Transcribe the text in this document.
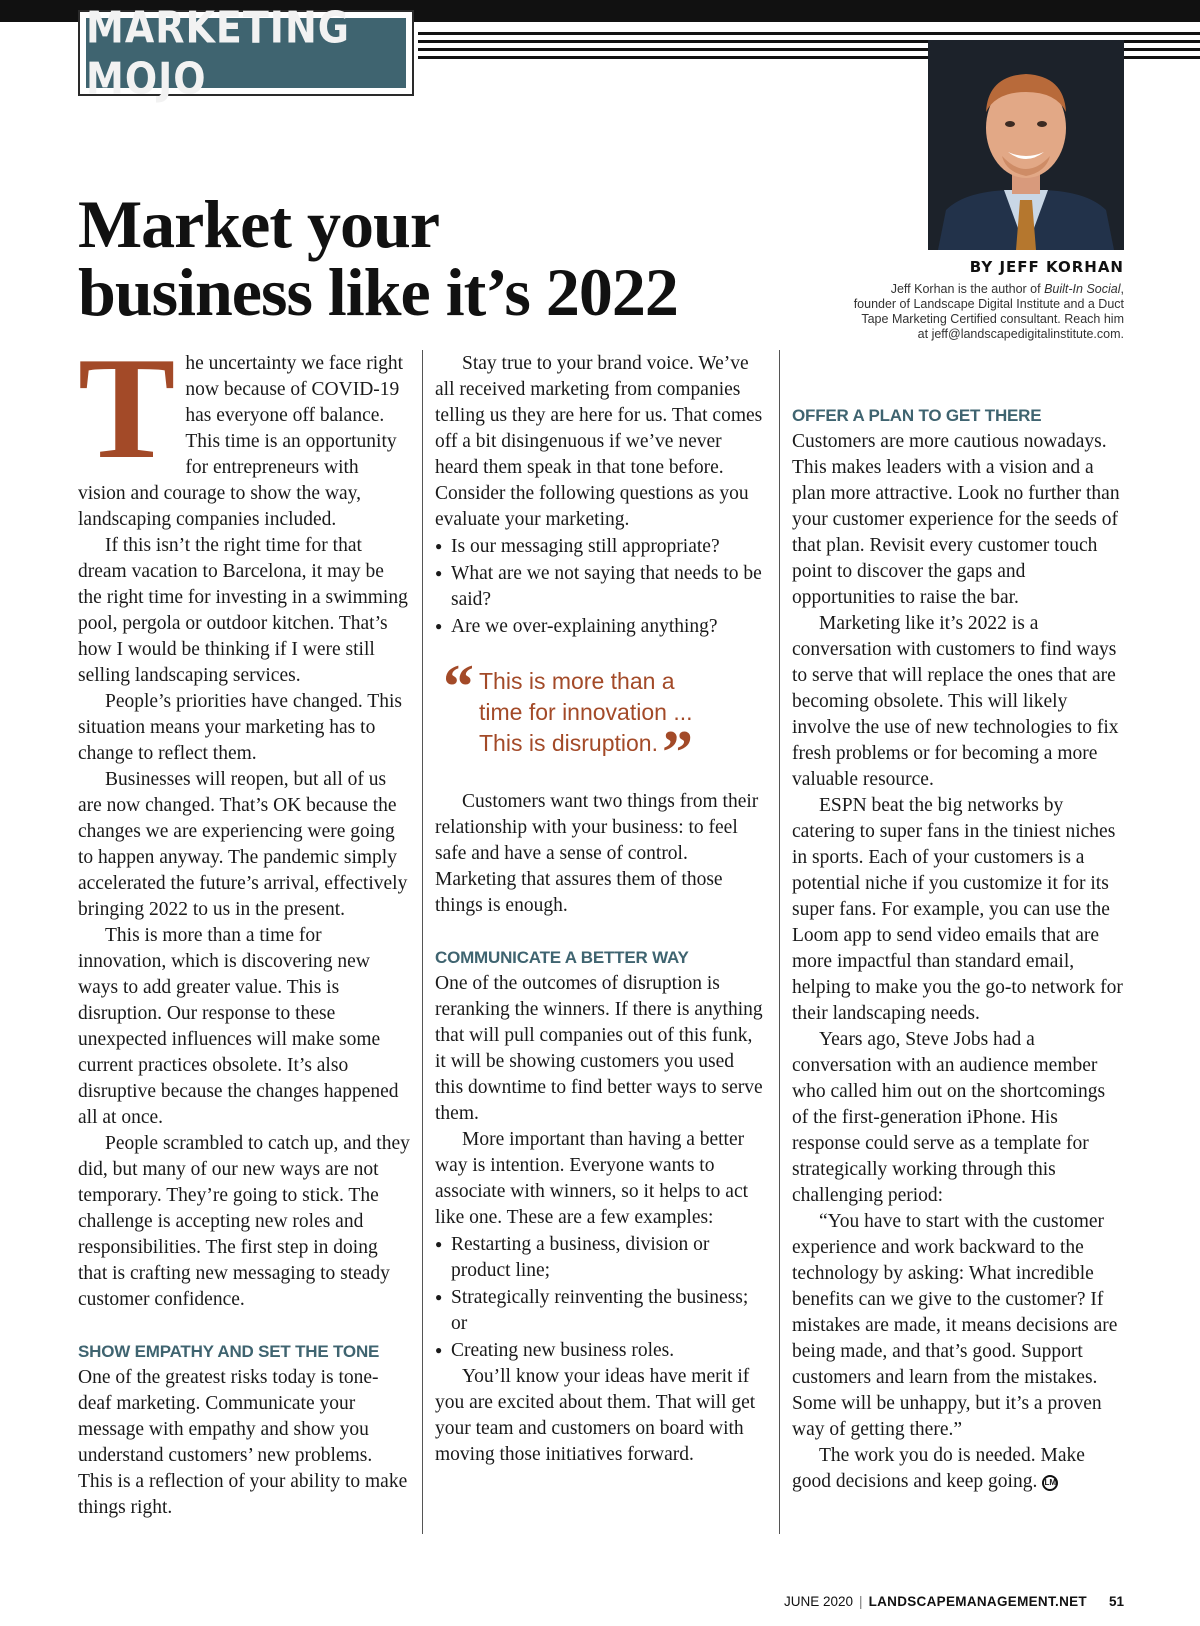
MARKETING MOJO
Market your
business like it’s 2022	BY JEFF KORHAN
Jeff Korhan is the author of Built-In Social, founder of Landscape Digital Institute and a Duct Tape Marketing Certified consultant. Reach him at jeff@landscapedigitalinstitute.com.

The uncertainty we face right now because of COVID-19 has everyone off balance. This time is an opportunity for entrepreneurs with vision and courage to show the way, landscaping companies included.

If this isn’t the right time for that dream vacation to Barcelona, it may be the right time for investing in a swimming pool, pergola or outdoor kitchen. That’s how I would be thinking if I were still selling landscaping services.

People’s priorities have changed. This situation means your marketing has to change to reflect them.

Businesses will reopen, but all of us are now changed. That’s OK because the changes we are experiencing were going to happen anyway. The pandemic simply accelerated the future’s arrival, effectively bringing 2022 to us in the present.

This is more than a time for innovation, which is discovering new ways to add greater value. This is disruption. Our response to these unexpected influences will make some current practices obsolete. It’s also disruptive because the changes happened all at once.

People scrambled to catch up, and they did, but many of our new ways are not temporary. They’re going to stick. The challenge is accepting new roles and responsibilities. The first step in doing that is crafting new messaging to steady customer confidence.

SHOW EMPATHY AND SET THE TONE

One of the greatest risks today is tone-deaf marketing. Communicate your message with empathy and show you understand customers’ new problems. This is a reflection of your ability to make things right.

Stay true to your brand voice. We’ve all received marketing from companies telling us they are here for us. That comes off a bit disingenuous if we’ve never heard them speak in that tone before. Consider the following questions as you evaluate your marketing.

● Is our messaging still appropriate?
● What are we not saying that needs to be said?
● Are we over-explaining anything?
“ This is more than a
time for innovation ...
This is disruption.”

Customers want two things from their relationship with your business: to feel safe and have a sense of control. Marketing that assures them of those things is enough.

COMMUNICATE A BETTER WAY

One of the outcomes of disruption is reranking the winners. If there is anything that will pull companies out of this funk, it will be showing customers you used this downtime to find better ways to serve them.

More important than having a better way is intention. Everyone wants to associate with winners, so it helps to act like one. These are a few examples:

● Restarting a business, division or product line;
● Strategically reinventing the business; or
● Creating new business roles.

You’ll know your ideas have merit if you are excited about them. That will get your team and customers on board with moving those initiatives forward.

OFFER A PLAN TO GET THERE

Customers are more cautious nowadays. This makes leaders with a vision and a plan more attractive. Look no further than your customer experience for the seeds of that plan. Revisit every customer touch point to discover the gaps and opportunities to raise the bar.

Marketing like it’s 2022 is a conversation with customers to find ways to serve that will replace the ones that are becoming obsolete. This will likely involve the use of new technologies to fix fresh problems or for becoming a more valuable resource.

ESPN beat the big networks by catering to super fans in the tiniest niches in sports. Each of your customers is a potential niche if you customize it for its super fans. For example, you can use the Loom app to send video emails that are more impactful than standard email, helping to make you the go-to network for their landscaping needs.

Years ago, Steve Jobs had a conversation with an audience member who called him out on the shortcomings of the first-generation iPhone. His response could serve as a template for strategically working through this challenging period:

“You have to start with the customer experience and work backward to the technology by asking: What incredible benefits can we give to the customer? If mistakes are made, it means decisions are being made, and that’s good. Support customers and learn from the mistakes. Some will be unhappy, but it’s a proven way of getting there.”

The work you do is needed. Make good decisions and keep going. LM

JUNE 2020 | LANDSCAPEMANAGEMENT.NET 51
